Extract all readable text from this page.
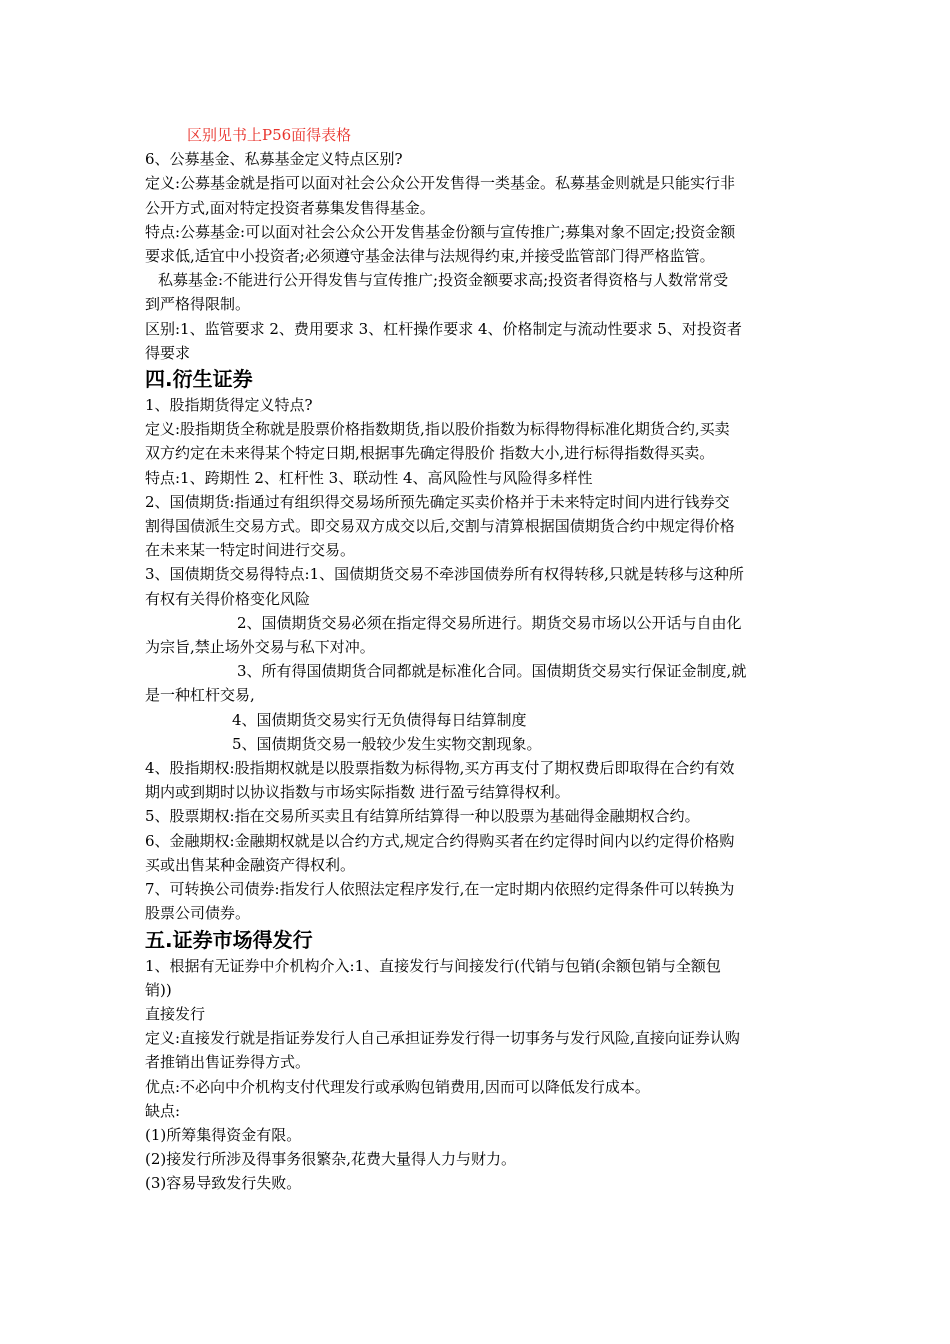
区别见书上P56面得表格
6、公募基金、私募基金定义特点区别?
定义:公募基金就是指可以面对社会公众公开发售得一类基金。私募基金则就是只能实行非
公开方式,面对特定投资者募集发售得基金。
特点:公募基金:可以面对社会公众公开发售基金份额与宣传推广;募集对象不固定;投资金额
要求低,适宜中小投资者;必须遵守基金法律与法规得约束,并接受监管部门得严格监管。
私募基金:不能进行公开得发售与宣传推广;投资金额要求高;投资者得资格与人数常常受
到严格得限制。
区别:1、监管要求 2、费用要求 3、杠杆操作要求 4、价格制定与流动性要求 5、对投资者
得要求
四.衍生证券
1、股指期货得定义特点?
定义:股指期货全称就是股票价格指数期货,指以股价指数为标得物得标准化期货合约,买卖
双方约定在未来得某个特定日期,根据事先确定得股价 指数大小,进行标得指数得买卖。
特点:1、跨期性 2、杠杆性 3、联动性 4、高风险性与风险得多样性
2、国债期货:指通过有组织得交易场所预先确定买卖价格并于未来特定时间内进行钱券交
割得国债派生交易方式。即交易双方成交以后,交割与清算根据国债期货合约中规定得价格
在未来某一特定时间进行交易。
3、国债期货交易得特点:1、国债期货交易不牵涉国债券所有权得转移,只就是转移与这种所
有权有关得价格变化风险
2、国债期货交易必须在指定得交易所进行。期货交易市场以公开话与自由化
为宗旨,禁止场外交易与私下对冲。
3、所有得国债期货合同都就是标准化合同。国债期货交易实行保证金制度,就
是一种杠杆交易,
4、国债期货交易实行无负债得每日结算制度
5、国债期货交易一般较少发生实物交割现象。
4、股指期权:股指期权就是以股票指数为标得物,买方再支付了期权费后即取得在合约有效
期内或到期时以协议指数与市场实际指数 进行盈亏结算得权利。
5、股票期权:指在交易所买卖且有结算所结算得一种以股票为基础得金融期权合约。
6、金融期权:金融期权就是以合约方式,规定合约得购买者在约定得时间内以约定得价格购
买或出售某种金融资产得权利。
7、可转换公司债券:指发行人依照法定程序发行,在一定时期内依照约定得条件可以转换为
股票公司债券。
五.证券市场得发行
1、根据有无证券中介机构介入:1、直接发行与间接发行(代销与包销(余额包销与全额包
销))
直接发行
定义:直接发行就是指证券发行人自己承担证券发行得一切事务与发行风险,直接向证券认购
者推销出售证券得方式。
优点:不必向中介机构支付代理发行或承购包销费用,因而可以降低发行成本。
缺点:
(1)所筹集得资金有限。
(2)接发行所涉及得事务很繁杂,花费大量得人力与财力。
(3)容易导致发行失败。
